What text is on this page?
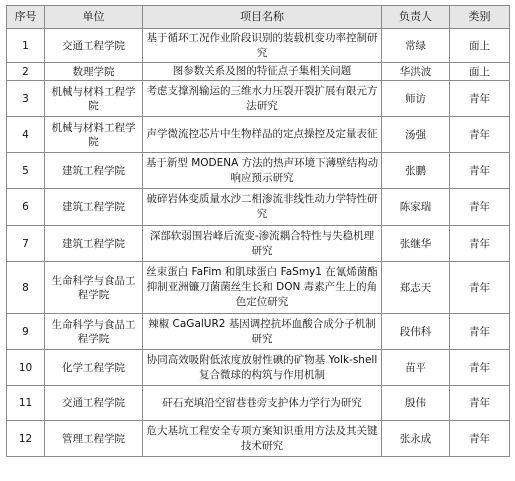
序号	单位	项目名称	负责人	类别
1	交通工程学院	基于循环工况作业阶段识别的装载机变功率控制研究	常绿	面上
2	数理学院	图参数关系及图的特征点子集相关问题	华洪波	面上
3	机械与材料工程学院	考虑支撑剂输运的三维水力压裂开裂扩展有限元方法研究	师访	青年
4	机械与材料工程学院	声学微流控芯片中生物样品的定点操控及定量表征	汤强	青年
5	建筑工程学院	基于新型 MODENA 方法的热声环境下薄壁结构动响应预示研究	张鹏	青年
6	建筑工程学院	破碎岩体变质量水沙二相渗流非线性动力学特性研究	陈家瑞	青年
7	建筑工程学院	深部软弱围岩峰后流变-渗流耦合特性与失稳机理研究	张继华	青年
8	生命科学与食品工程学院	丝束蛋白 FaFim 和肌球蛋白 FaSmy1 在氰烯菌酯抑制亚洲镰刀菌菌丝生长和 DON 毒素产生上的角色定位研究	郑志天	青年
9	生命科学与食品工程学院	辣椒 CaGalUR2 基因调控抗坏血酸合成分子机制研究	段伟科	青年
10	化学工程学院	协同高效吸附低浓度放射性碘的矿物基 Yolk-shell 复合微球的构筑与作用机制	苗平	青年
11	交通工程学院	矸石充填沿空留巷巷旁支护体力学行为研究	殷伟	青年
12	管理工程学院	危大基坑工程安全专项方案知识重用方法及其关键技术研究	张永成	青年
